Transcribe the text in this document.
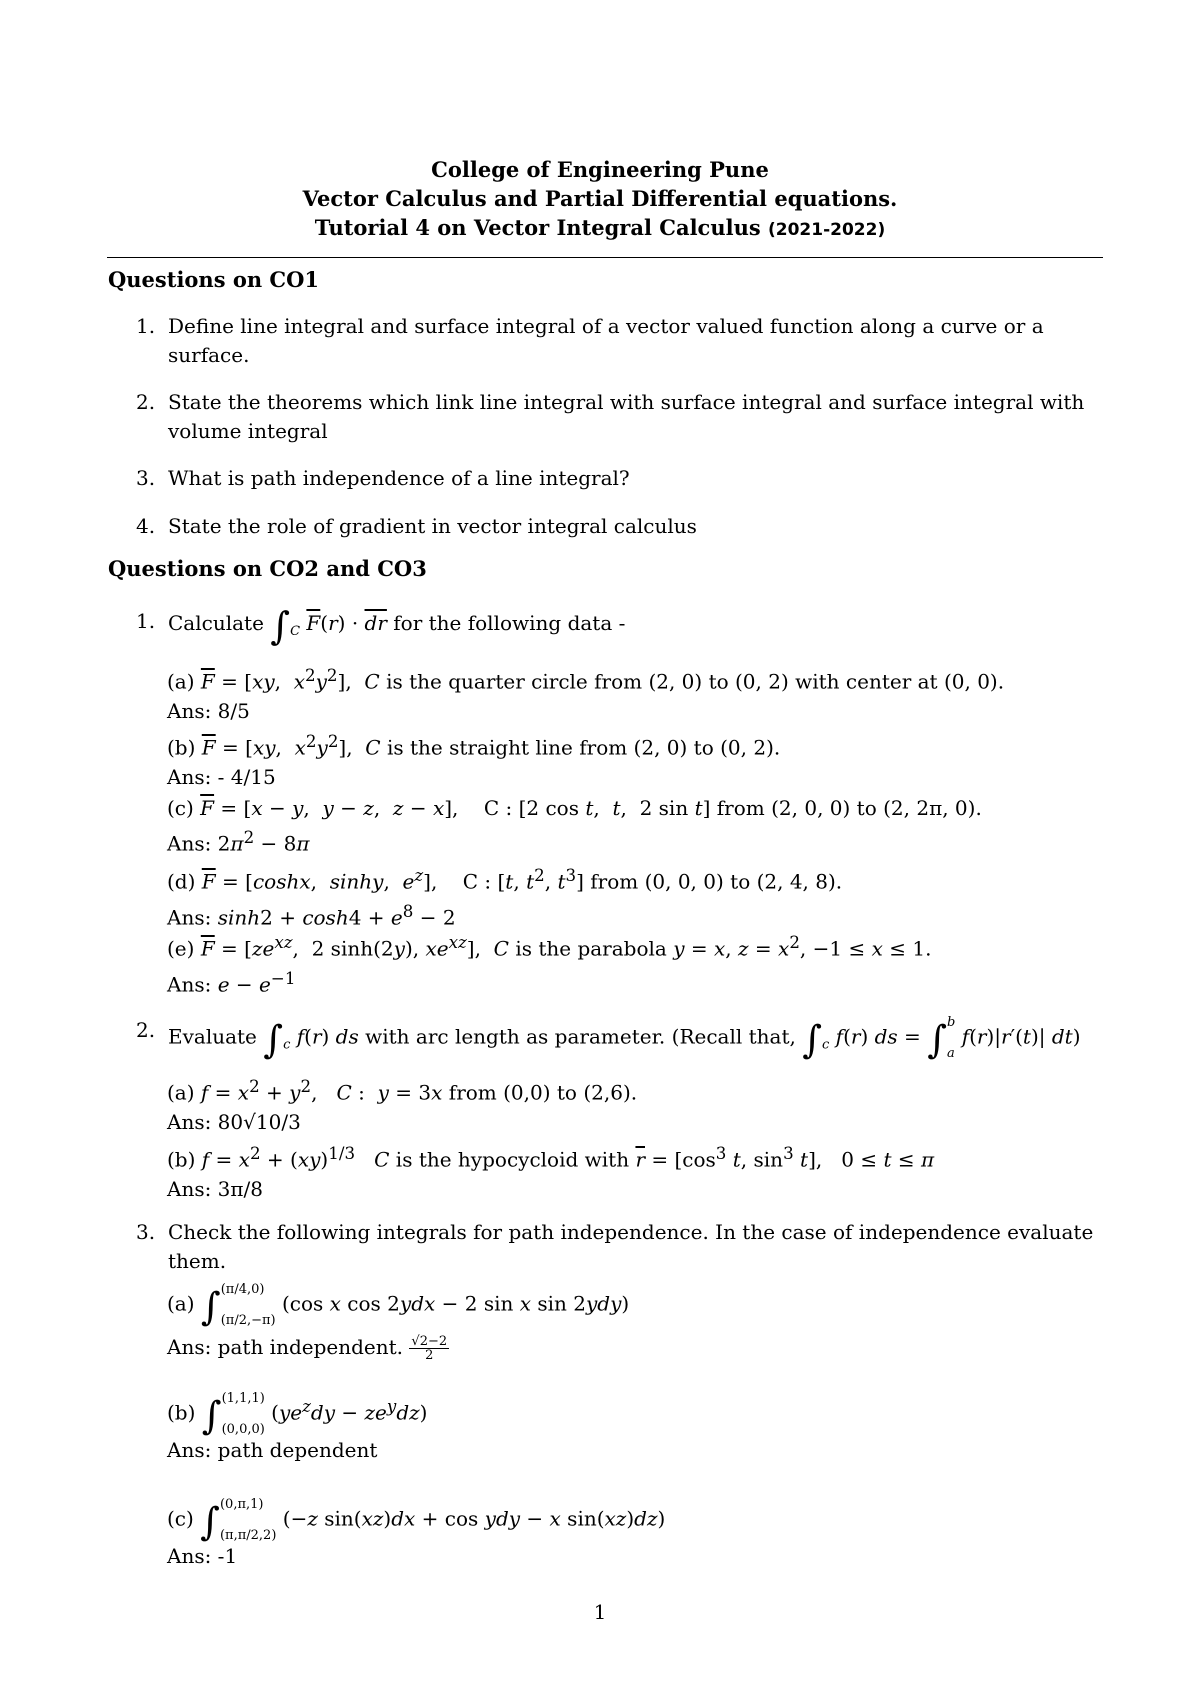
College of Engineering Pune
Vector Calculus and Partial Differential equations.
Tutorial 4 on Vector Integral Calculus (2021-2022)
Questions on CO1
1. Define line integral and surface integral of a vector valued function along a curve or a surface.
2. State the theorems which link line integral with surface integral and surface integral with volume integral
3. What is path independence of a line integral?
4. State the role of gradient in vector integral calculus
Questions on CO2 and CO3
1. Calculate $\int_C$ $\overline{F}(r) \cdot \overline{dr}$ for the following data -
(a) $\overline{F} = [xy$,  $x^2y^2$],  C is the quarter circle from (2, 0) to (0, 2) with center at (0, 0).
Ans: 8/5
(b) $\overline{F} = [xy$,  $x^2y^2$],  C is the straight line from (2, 0) to (0, 2).
Ans: - 4/15
(c) $\overline{F} = [x - y$,  y − z,  z − x],    C : [2 cos t,  t,  2 sin t] from (2, 0, 0) to (2, 2π, 0).
Ans: $2\pi^2 - 8\pi$
(d) $\overline{F} = [\cosh x$,  sinhy,  $e^z$],    C : [t, $t^2$, $t^3$] from (0, 0, 0) to (2, 4, 8).
Ans: $\sinh 2 + \cosh 4 + e^8 - 2$
(e) $\overline{F} = [ze^{xz}$,  2 sinh(2y), $xe^{xz}$],  C is the parabola y = x, $z = x^2$, −1 ≤ x ≤ 1.
Ans: $e - e^{-1}$
2. Evaluate $\int_c$ f(r) ds with arc length as parameter. (Recall that, $\int_c$ f(r) ds = ∫ b
a
f(r)|r′(t)| dt)
(a) $f = x^2 + y^2$,   C :  y = 3x from (0,0) to (2,6).
Ans: 80√10/3
(b) $f = x^2 + (xy)^{1/3}$ C is the hypocycloid with $\overline{r} = [\cos^3$ t, $\sin^3 t$],   0 ≤ t ≤ π
Ans: 3π/8
3. Check the following integrals for path independence. In the case of independence evaluate them.
(a) ∫ (π/4,0)
(π/2,−π)
(cos x cos 2ydx − 2 sin x sin 2ydy)
Ans: path independent. $\frac{√2-2}{2}$
(b) ∫ (1,1,1)
(0,0,0)
$(ye^zdy - ze^ydz)$
Ans: path dependent
(c) ∫ (0,π,1)
(π,π/2,2)
(−z sin(xz)dx + cos ydy − x sin(xz)dz)
Ans: -1
1
